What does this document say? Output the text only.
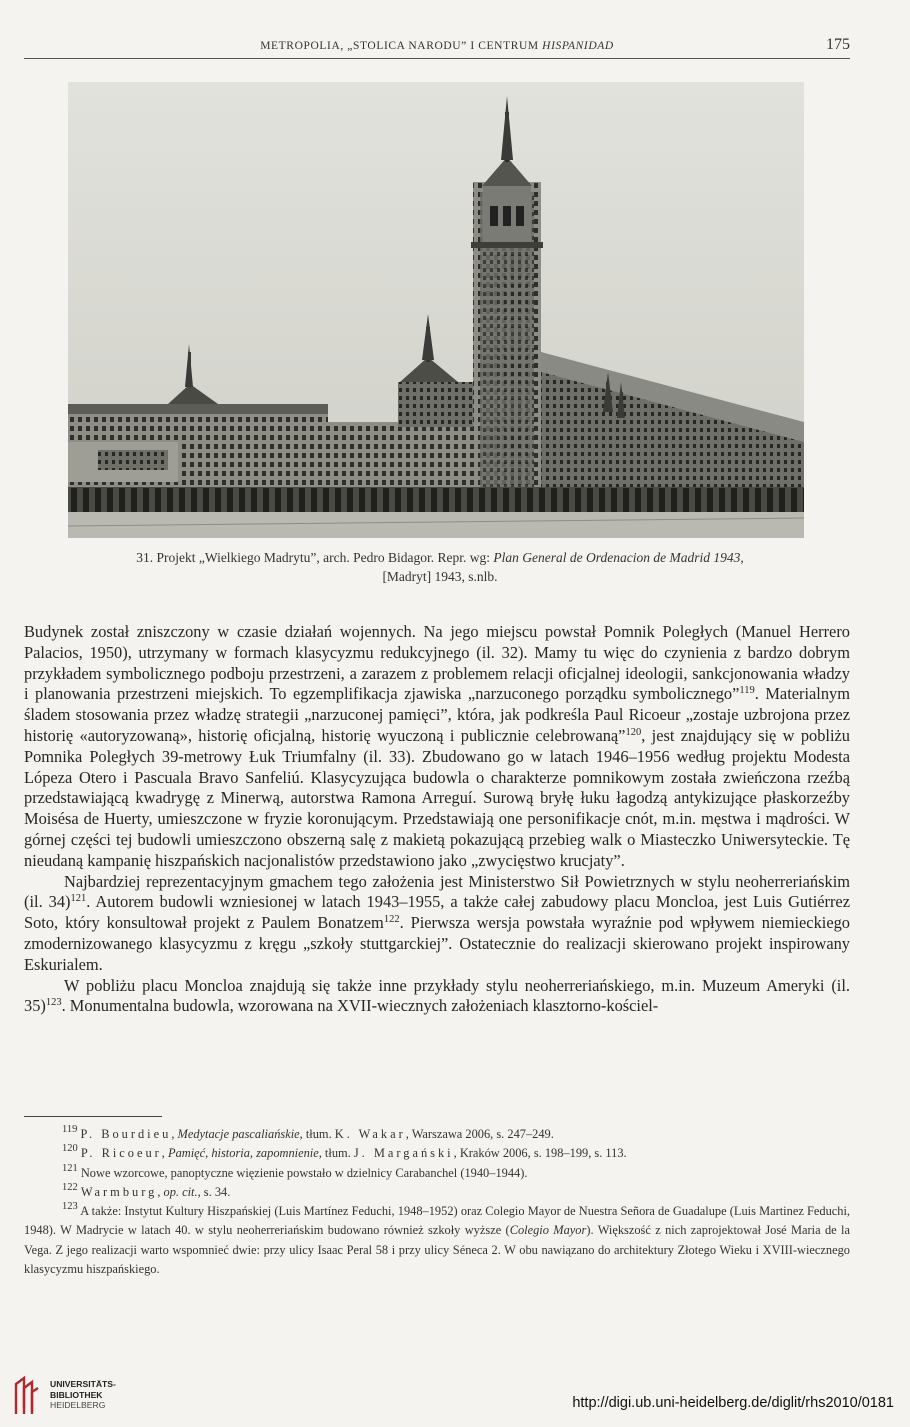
METROPOLIA, „STOLICA NARODU” I CENTRUM HISPANIDAD	175
31. Projekt „Wielkiego Madrytu”, arch. Pedro Bidagor. Repr. wg: Plan General de Ordenacion de Madrid 1943,
[Madryt] 1943, s.nlb.

Budynek został zniszczony w czasie działań wojennych. Na jego miejscu powstał Pomnik Poległych (Manuel Herrero Palacios, 1950), utrzymany w formach klasycyzmu redukcyjnego (il. 32). Mamy tu więc do czynienia z bardzo dobrym przykładem symbolicznego podboju przestrzeni, a zarazem z problemem relacji oficjalnej ideologii, sankcjonowania władzy i planowania przestrzeni miejskich. To egzemplifikacja zjawiska „narzuconego porządku symbolicznego”$^{119}$. Materialnym śladem stosowania przez władzę strategii „narzuconej pamięci”, która, jak podkreśla Paul Ricoeur „zostaje uzbrojona przez historię «autoryzowaną», historię oficjalną, historię wyuczoną i publicznie celebrowaną”$^{120}$, jest znajdujący się w pobliżu Pomnika Poległych 39-metrowy Łuk Triumfalny (il. 33). Zbudowano go w latach 1946–1956 według projektu Modesta Lópeza Otero i Pascuala Bravo Sanfeliú. Klasycyzująca budowla o charakterze pomnikowym została zwieńczona rzeźbą przedstawiającą kwadrygę z Minerwą, autorstwa Ramona Arreguí. Surową bryłę łuku łagodzą antykizujące płaskorzeźby Moisésa de Huerty, umieszczone w fryzie koronującym. Przedstawiają one personifikacje cnót, m.in. męstwa i mądrości. W górnej części tej budowli umieszczono obszerną salę z makietą pokazującą przebieg walk o Miasteczko Uniwersyteckie. Tę nieudaną kampanię hiszpańskich nacjonalistów przedstawiono jako „zwycięstwo krucjaty”.

Najbardziej reprezentacyjnym gmachem tego założenia jest Ministerstwo Sił Powietrznych w stylu neoherreriańskim (il. 34)$^{121}$. Autorem budowli wzniesionej w latach 1943–1955, a także całej zabudowy placu Moncloa, jest Luis Gutiérrez Soto, który konsultował projekt z Paulem Bonatzem$^{122}$. Pierwsza wersja powstała wyraźnie pod wpływem niemieckiego zmodernizowanego klasycyzmu z kręgu „szkoły stuttgarckiej”. Ostatecznie do realizacji skierowano projekt inspirowany Eskurialem.

W pobliżu placu Moncloa znajdują się także inne przykłady stylu neoherreriańskiego, m.in. Muzeum Ameryki (il. 35)$^{123}$. Monumentalna budowla, wzorowana na XVII-wiecznych założeniach klasztorno-kościel-

$^{119}$ P. Bourdieu, Medytacje pascaliańskie, tłum. K. Wakar, Warszawa 2006, s. 247–249.

$^{120}$ P. Ricoeur, Pamięć, historia, zapomnienie, tłum. J. Margański, Kraków 2006, s. 198–199, s. 113.

$^{121}$ Nowe wzorcowe, panoptyczne więzienie powstało w dzielnicy Carabanchel (1940–1944).

$^{122}$ Warmburg, op. cit., s. 34.

$^{123}$ A także: Instytut Kultury Hiszpańskiej (Luis Martínez Feduchi, 1948–1952) oraz Colegio Mayor de Nuestra Señora de Guadalupe (Luis Martinez Feduchi, 1948). W Madrycie w latach 40. w stylu neoherreriańskim budowano również szkoły wyższe (Colegio Mayor). Większość z nich zaprojektował José Maria de la Vega. Z jego realizacji warto wspomnieć dwie: przy ulicy Isaac Peral 58 i przy ulicy Séneca 2. W obu nawiązano do architektury Złotego Wieku i XVIII-wiecznego klasycyzmu hiszpańskiego.

UNIVERSITÄTS-
BIBLIOTHEK
HEIDELBERG	http://digi.ub.uni-heidelberg.de/diglit/rhs2010/0181
